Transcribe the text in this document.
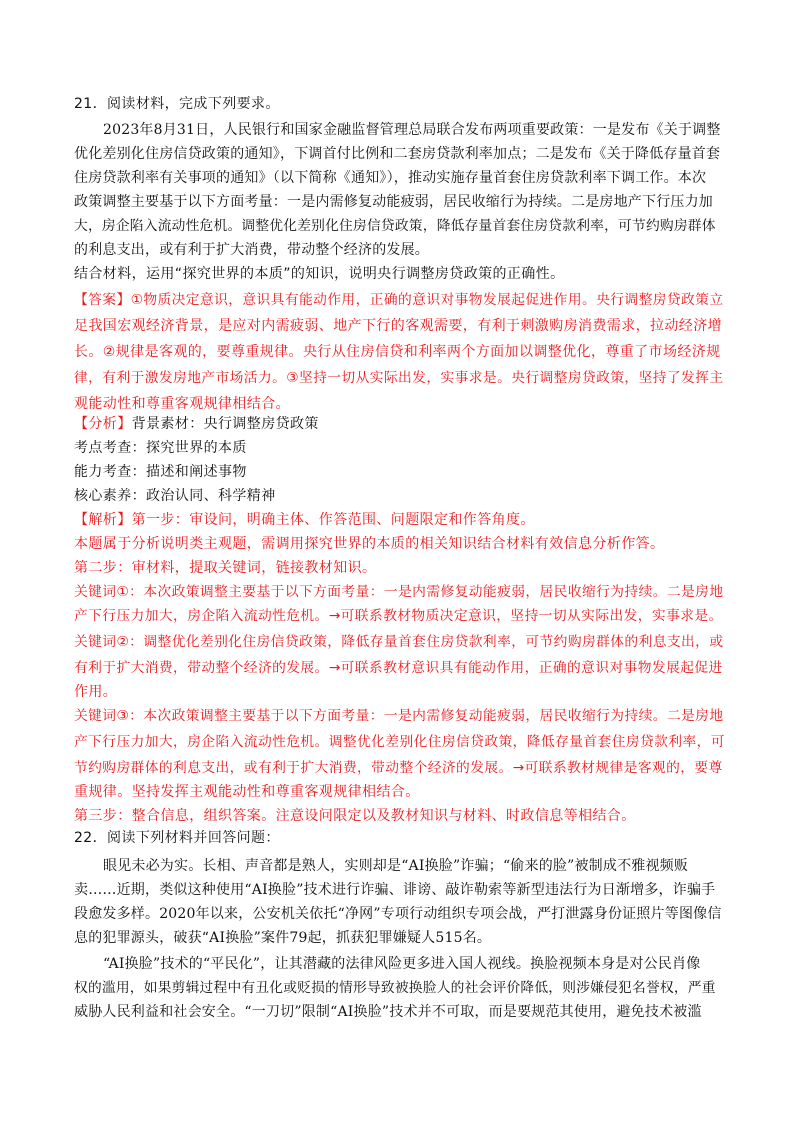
21．阅读材料，完成下列要求。
2023年8月31日，人民银行和国家金融监督管理总局联合发布两项重要政策：一是发布《关于调整
优化差别化住房信贷政策的通知》，下调首付比例和二套房贷款利率加点；二是发布《关于降低存量首套
住房贷款利率有关事项的通知》（以下简称《通知》），推动实施存量首套住房贷款利率下调工作。本次
政策调整主要基于以下方面考量：一是内需修复动能疲弱，居民收缩行为持续。二是房地产下行压力加
大，房企陷入流动性危机。调整优化差别化住房信贷政策，降低存量首套住房贷款利率，可节约购房群体
的利息支出，或有利于扩大消费，带动整个经济的发展。
结合材料，运用“探究世界的本质”的知识，说明央行调整房贷政策的正确性。
【答案】①物质决定意识，意识具有能动作用，正确的意识对事物发展起促进作用。央行调整房贷政策立
足我国宏观经济背景，是应对内需疲弱、地产下行的客观需要，有利于刺激购房消费需求，拉动经济增
长。②规律是客观的，要尊重规律。央行从住房信贷和利率两个方面加以调整优化，尊重了市场经济规
律，有利于激发房地产市场活力。③坚持一切从实际出发，实事求是。央行调整房贷政策，坚持了发挥主
观能动性和尊重客观规律相结合。
【分析】背景素材：央行调整房贷政策
考点考查：探究世界的本质
能力考查：描述和阐述事物
核心素养：政治认同、科学精神
【解析】第一步：审设问，明确主体、作答范围、问题限定和作答角度。
本题属于分析说明类主观题，需调用探究世界的本质的相关知识结合材料有效信息分析作答。
第二步：审材料，提取关键词，链接教材知识。
关键词①：本次政策调整主要基于以下方面考量：一是内需修复动能疲弱，居民收缩行为持续。二是房地
产下行压力加大，房企陷入流动性危机。→可联系教材物质决定意识，坚持一切从实际出发，实事求是。
关键词②：调整优化差别化住房信贷政策，降低存量首套住房贷款利率，可节约购房群体的利息支出，或
有利于扩大消费，带动整个经济的发展。→可联系教材意识具有能动作用，正确的意识对事物发展起促进
作用。
关键词③：本次政策调整主要基于以下方面考量：一是内需修复动能疲弱，居民收缩行为持续。二是房地
产下行压力加大，房企陷入流动性危机。调整优化差别化住房信贷政策，降低存量首套住房贷款利率，可
节约购房群体的利息支出，或有利于扩大消费，带动整个经济的发展。→可联系教材规律是客观的，要尊
重规律。坚持发挥主观能动性和尊重客观规律相结合。
第三步：整合信息，组织答案。注意设问限定以及教材知识与材料、时政信息等相结合。
22．阅读下列材料并回答问题：
眼见未必为实。长相、声音都是熟人，实则却是“AI换脸”诈骗；“偷来的脸”被制成不雅视频贩
卖……近期，类似这种使用“AI换脸”技术进行诈骗、诽谤、敲诈勒索等新型违法行为日渐增多，诈骗手
段愈发多样。2020年以来，公安机关依托“净网”专项行动组织专项会战，严打泄露身份证照片等图像信
息的犯罪源头，破获“AI换脸”案件79起，抓获犯罪嫌疑人515名。
“AI换脸”技术的“平民化”，让其潜藏的法律风险更多进入国人视线。换脸视频本身是对公民肖像
权的滥用，如果剪辑过程中有丑化或贬损的情形导致被换脸人的社会评价降低，则涉嫌侵犯名誉权，严重
威胁人民利益和社会安全。“一刀切”限制“AI换脸”技术并不可取，而是要规范其使用，避免技术被滥
